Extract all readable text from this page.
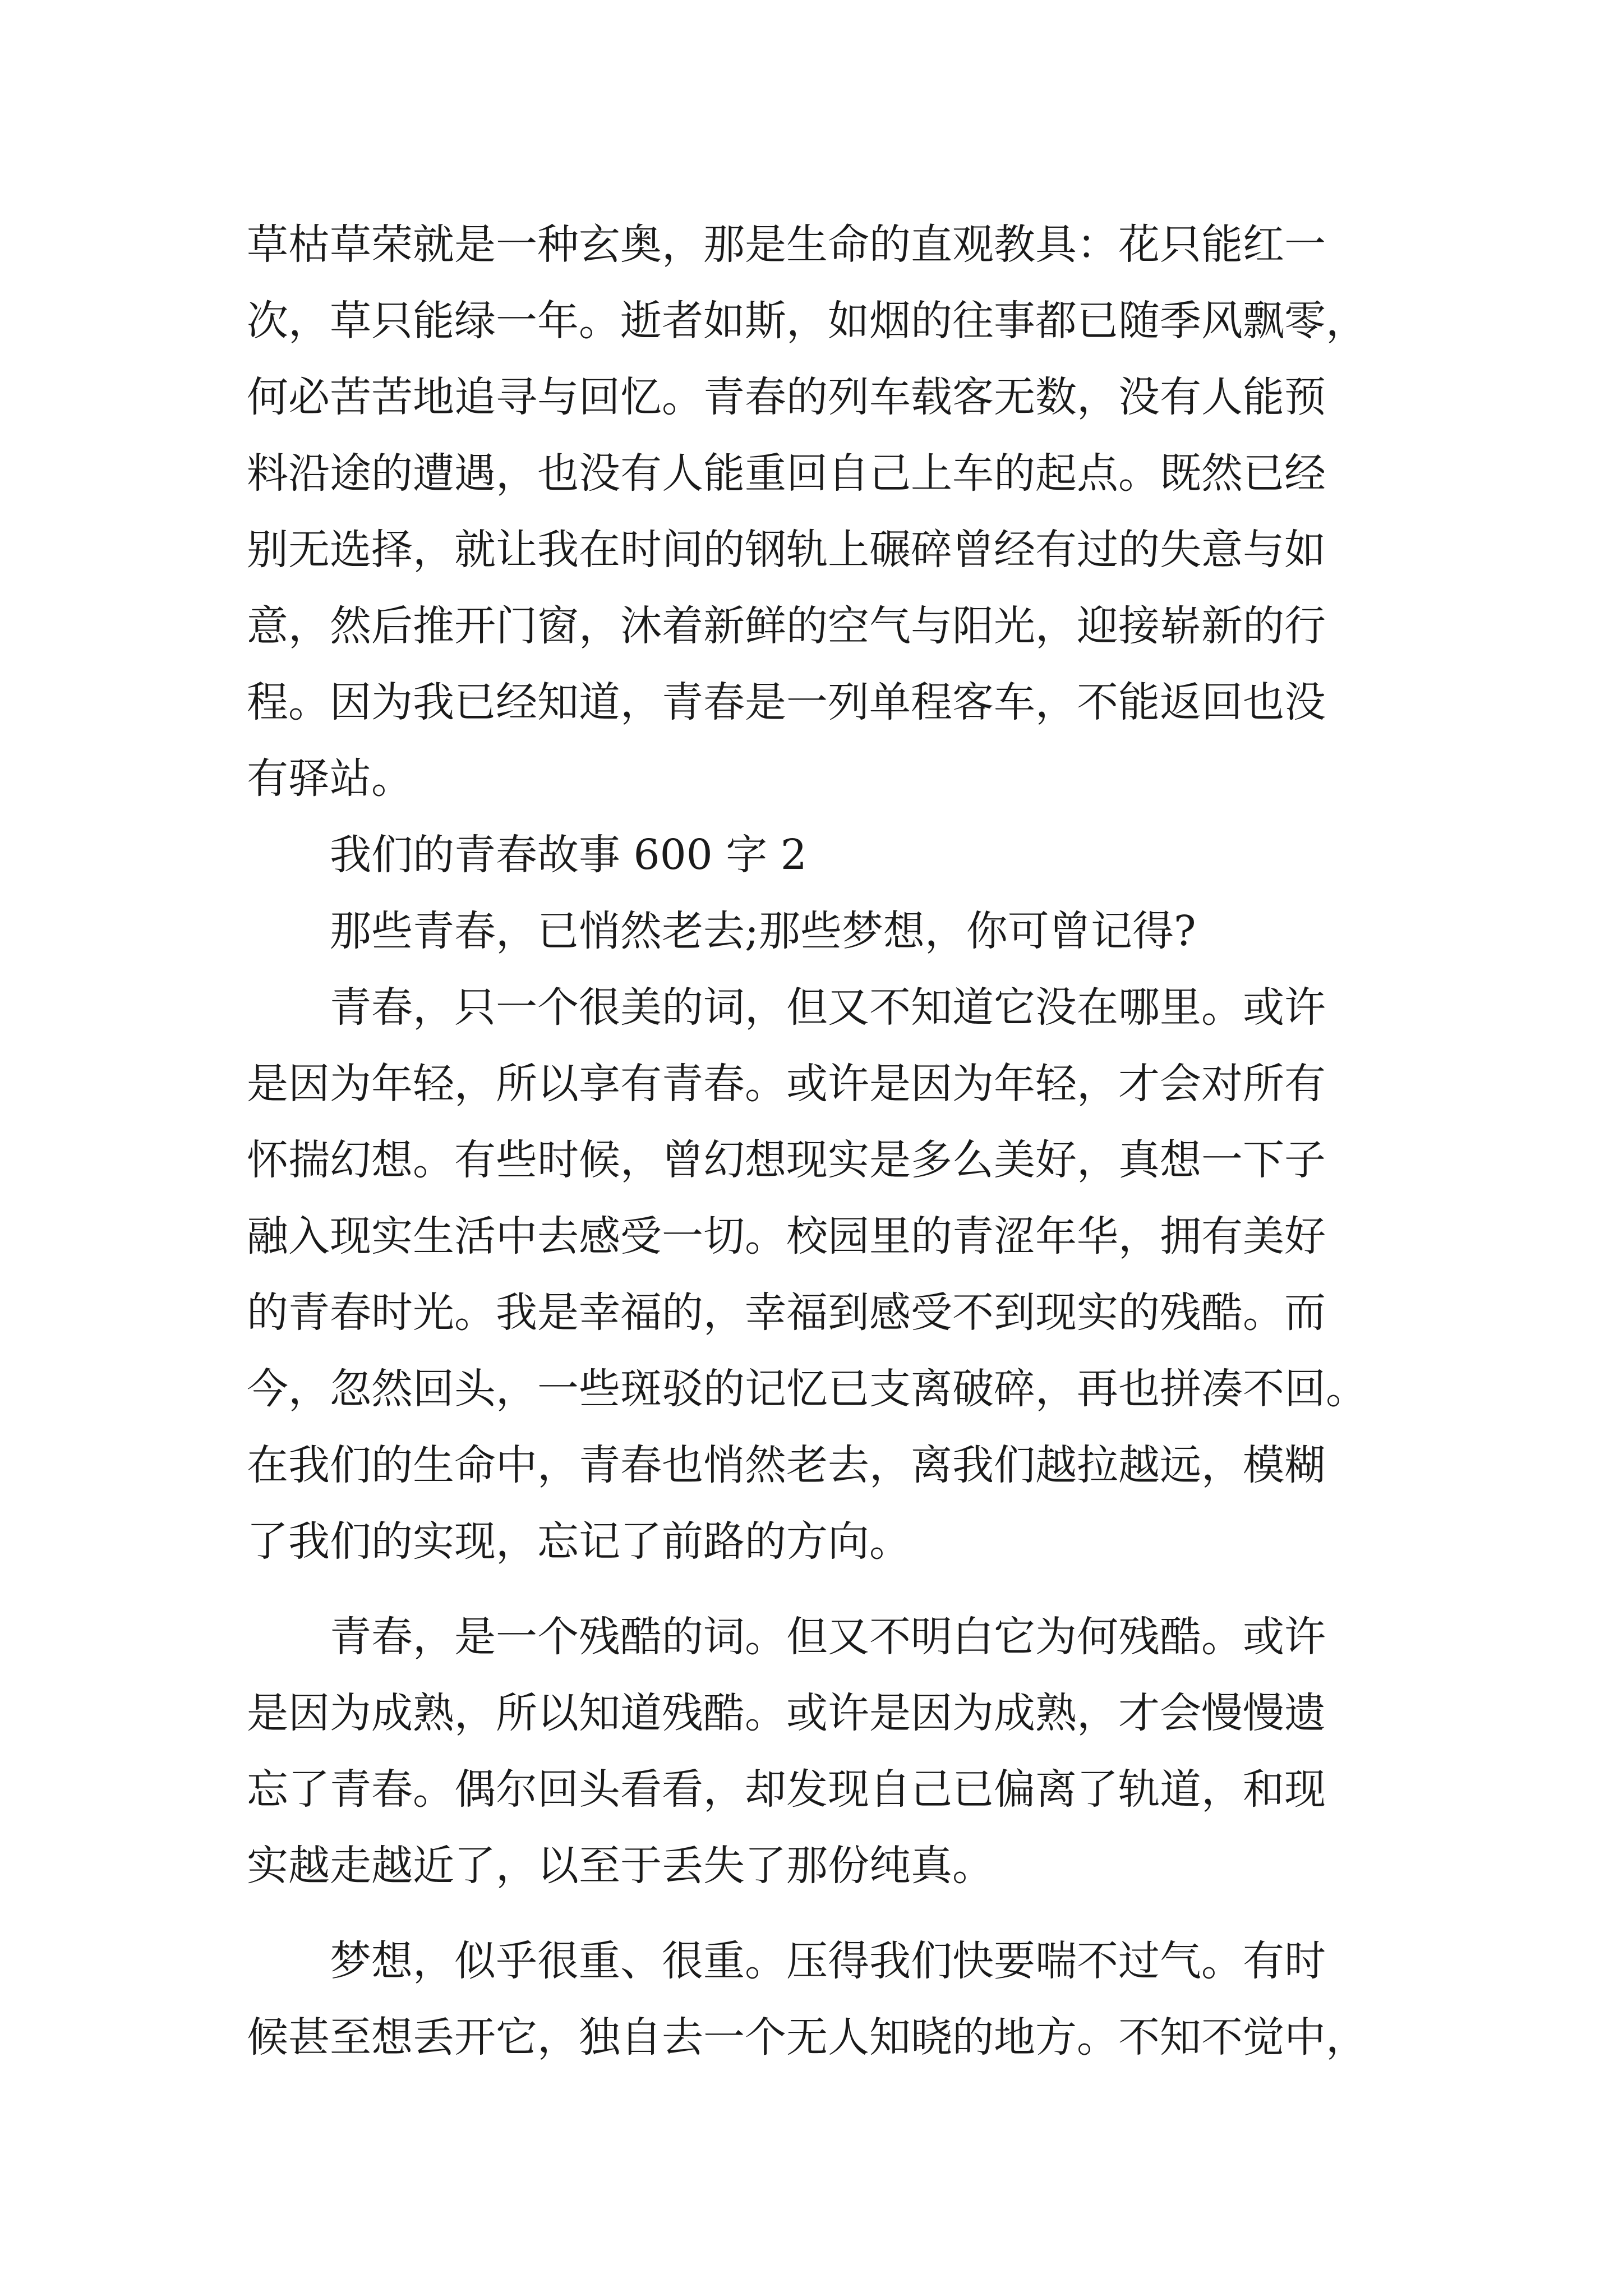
草枯草荣就是一种玄奥，那是生命的直观教具：花只能红一

次，草只能绿一年。逝者如斯，如烟的往事都已随季风飘零，

何必苦苦地追寻与回忆。青春的列车载客无数，没有人能预

料沿途的遭遇，也没有人能重回自己上车的起点。既然已经

别无选择，就让我在时间的钢轨上碾碎曾经有过的失意与如

意，然后推开门窗，沐着新鲜的空气与阳光，迎接崭新的行

程。因为我已经知道，青春是一列单程客车，不能返回也没

有驿站。

我们的青春故事 600 字 2

那些青春，已悄然老去;那些梦想，你可曾记得?

青春，只一个很美的词，但又不知道它没在哪里。或许

是因为年轻，所以享有青春。或许是因为年轻，才会对所有

怀揣幻想。有些时候，曾幻想现实是多么美好，真想一下子

融入现实生活中去感受一切。校园里的青涩年华，拥有美好

的青春时光。我是幸福的，幸福到感受不到现实的残酷。而

今，忽然回头，一些斑驳的记忆已支离破碎，再也拼凑不回。

在我们的生命中，青春也悄然老去，离我们越拉越远，模糊

了我们的实现，忘记了前路的方向。

青春，是一个残酷的词。但又不明白它为何残酷。或许

是因为成熟，所以知道残酷。或许是因为成熟，才会慢慢遗

忘了青春。偶尔回头看看，却发现自己已偏离了轨道，和现

实越走越近了，以至于丢失了那份纯真。

梦想，似乎很重、很重。压得我们快要喘不过气。有时

候甚至想丢开它，独自去一个无人知晓的地方。不知不觉中，
